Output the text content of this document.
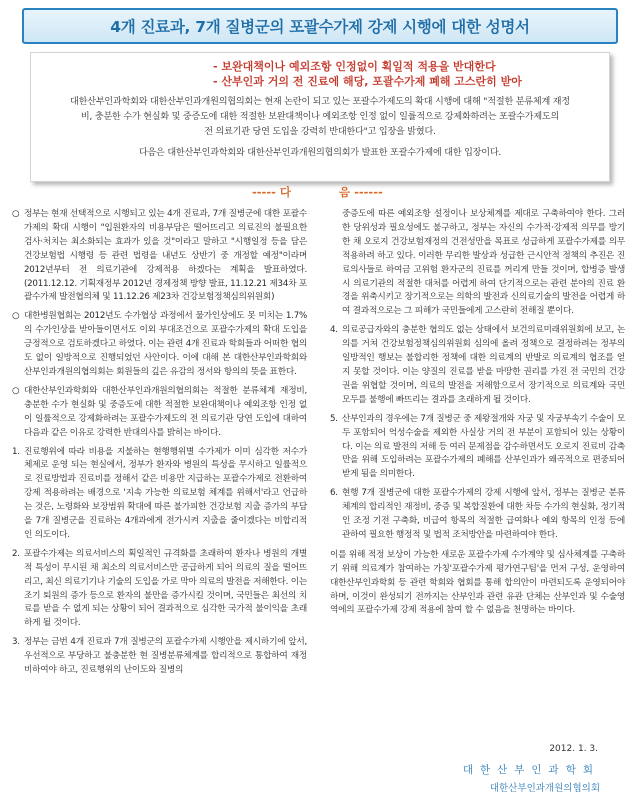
4개 진료과, 7개 질병군의 포괄수가제 강제 시행에 대한 성명서
- 보완대책이나 예외조항 인정없이 획일적 적용을 반대한다
- 산부인과 거의 전 진료에 해당, 포괄수가제 폐해 고스란히 받아
대한산부인과학회와 대한산부인과개원의협의회는 현재 논란이 되고 있는 포괄수가제도의 확대 시행에 대해 "적절한 분류체계 재정
비, 충분한 수가 현실화 및 중증도에 대한 적절한 보완대책이나 예외조항 인정 없이 일률적으로 강제화하려는 포괄수가제도의
전 의료기관 당연 도입을 강력히 반대한다"고 입장을 밝혔다.
다음은 대한산부인과학회와 대한산부인과개원의협의회가 발표한 포괄수가제에 대한 입장이다.
----- 다	음 ------
○ 정부는 현재 선택적으로 시행되고 있는 4개 진료과, 7개 질병군에 대한 포괄수가제의 확대 시행이 "입원환자의 비용부담은 떨어뜨리고 의료진의 불필요한 검사·처치는 최소화되는 효과가 있을 것"이라고 말하고 "시행일정 등을 담은 건강보험법 시행령 등 관련 법령을 내년도 상반기 중 개정할 예정"이라며 2012년부터 전 의료기관에 강제적용 하겠다는 계획을 발표하였다. (2011.12.12. 기획재정부 2012년 경제정책 방향 발표, 11.12.21 제34차 포괄수가제 발전협의체 및 11.12.26 제23차 건강보험정책심의위원회)
○ 대한병원협회는 2012년도 수가협상 과정에서 물가인상에도 못 미치는 1.7%의 수가인상을 받아들이면서도 이외 부대조건으로 포괄수가제의 확대 도입을 긍정적으로 검토하겠다고 하였다. 이는 관련 4개 진료과 학회들과 어떠한 협의도 없이 일방적으로 진행되었던 사안이다. 이에 대해 본 대한산부인과학회와 산부인과개원의협의회는 회원들의 깊은 유감의 정서와 항의의 뜻을 표한다.
○ 대한산부인과학회와 대한산부인과개원의협의회는 적절한 분류체계 재정비, 충분한 수가 현실화 및 중증도에 대한 적절한 보완대책이나 예외조항 인정 없이 일률적으로 강제화하려는 포괄수가제도의 전 의료기관 당연 도입에 대하여 다음과 같은 이유로 강력한 반대의사를 밝히는 바이다.
1. 진료행위에 따라 비용을 지불하는 현행행위별 수가제가 이미 심각한 저수가 체제로 운영 되는 현실에서, 정부가 환자와 병원의 특성을 무시하고 일률적으로 진료방법과 진료비를 정해서 같은 비용만 지급하는 포괄수가제로 전환하여 강제 적용하려는 배경으로 '지속 가능한 의료보험 체계를 위해서'라고 언급하는 것은, 노령화와 보장범위 확대에 따른 불가피한 건강보험 지출 증가의 부담을 7개 질병군을 진료하는 4개과에게 전가시켜 지출을 줄이겠다는 비합리적인 의도이다.
2. 포괄수가제는 의료서비스의 획일적인 규격화를 초래하여 환자나 병원의 개별적 특성이 무시된 채 최소의 의료서비스만 공급하게 되어 의료의 질을 떨어뜨리고, 최신 의료기기나 기술의 도입을 가로 막아 의료의 발전을 저해한다. 이는 조기 퇴원의 증가 등으로 환자의 불만을 증가시킬 것이며, 국민들은 최선의 치료를 받을 수 없게 되는 상황이 되어 결과적으로 심각한 국가적 불이익을 초래하게 될 것이다.
3. 정부는 금번 4개 진료과 7개 질병군의 포괄수가제 시행안을 제시하기에 앞서, 우선적으로 부당하고 불충분한 현 질병분류체계를 합리적으로 통합하여 재정비하여야 하고, 진료행위의 난이도와 질병의
중증도에 따른 예외조항 설정이나 보상체계를 제대로 구축하여야 한다. 그러한 당위성과 필요성에도 불구하고, 정부는 자신의 수가적·강제적 의무를 방기한 채 오로지 건강보험재정의 건전성만을 목표로 성급하게 포괄수가제를 의무 적용하려 하고 있다. 이러한 무리한 발상과 성급한 근시안적 정책의 추진은 진료의사들로 하여금 고위험 환자군의 진료를 꺼리게 만들 것이며, 합병증 발생 시 의료기관의 적절한 대처를 어렵게 하여 단기적으로는 관련 분야의 진료 환경을 위축시키고 장기적으로는 의학의 발전과 신의료기술의 발전을 어렵게 하여 결과적으로는 그 피해가 국민들에게 고스란히 전해질 뿐이다.
4. 의료공급자와의 충분한 협의도 없는 상태에서 보건의료미래위원회에 보고, 논의를 거쳐 건강보험정책심의위원회 심의에 올려 정책으로 결정하려는 정부의 일방적인 행보는 불합리한 정책에 대한 의료계의 반발로 의료계의 협조를 얻지 못할 것이다. 이는 양질의 진료를 받을 마땅한 권리를 가진 전 국민의 건강권을 위협할 것이며, 의료의 발전을 저해함으로서 장기적으로 의료계와 국민 모두를 불행에 빠뜨리는 결과를 초래하게 될 것이다.
5. 산부인과의 경우에는 7개 질병군 중 제왕절개와 자궁 및 자궁부속기 수술이 모두 포함되어 억성수술을 제외한 사실상 거의 전 부분이 포함되어 있는 상황이다. 이는 의료 발전의 저해 등 여러 문제점을 감수하면서도 오로지 진료비 감축만을 위해 도입하려는 포괄수가제의 폐해를 산부인과가 왜곡적으로 편중되어 받게 됨을 의미한다.
6. 현행 7개 질병군에 대한 포괄수가제의 강제 시행에 앞서, 정부는 질병군 분류체계의 합리적인 재정비, 중증 및 복합질환에 대한 차등 수가의 현실화, 정기적인 조정 기전 구축화, 비급여 항목의 적절한 급여화나 예외 항목의 인정 등에 관하여 필요한 행정적 및 법적 조처방안을 마련하여야 한다.
이를 위해 적정 보상이 가능한 새로운 포괄수가제 수가계약 및 심사체계를 구축하기 위해 의료계가 참여하는 가칭'포괄수가제 평가연구팀'을 먼저 구성, 운영하여 대한산부인과학회 등 관련 학회와 협회를 통해 합의안이 마련되도록 운영되어야 하며, 이것이 완성되기 전까지는 산부인과 관련 유관 단체는 산부인과 및 수술영역에의 포괄수가제 강제 적용에 참여 할 수 없음을 천명하는 바이다.
2012. 1. 3.
대한산부인과학회
대한산부인과개원의협의회
